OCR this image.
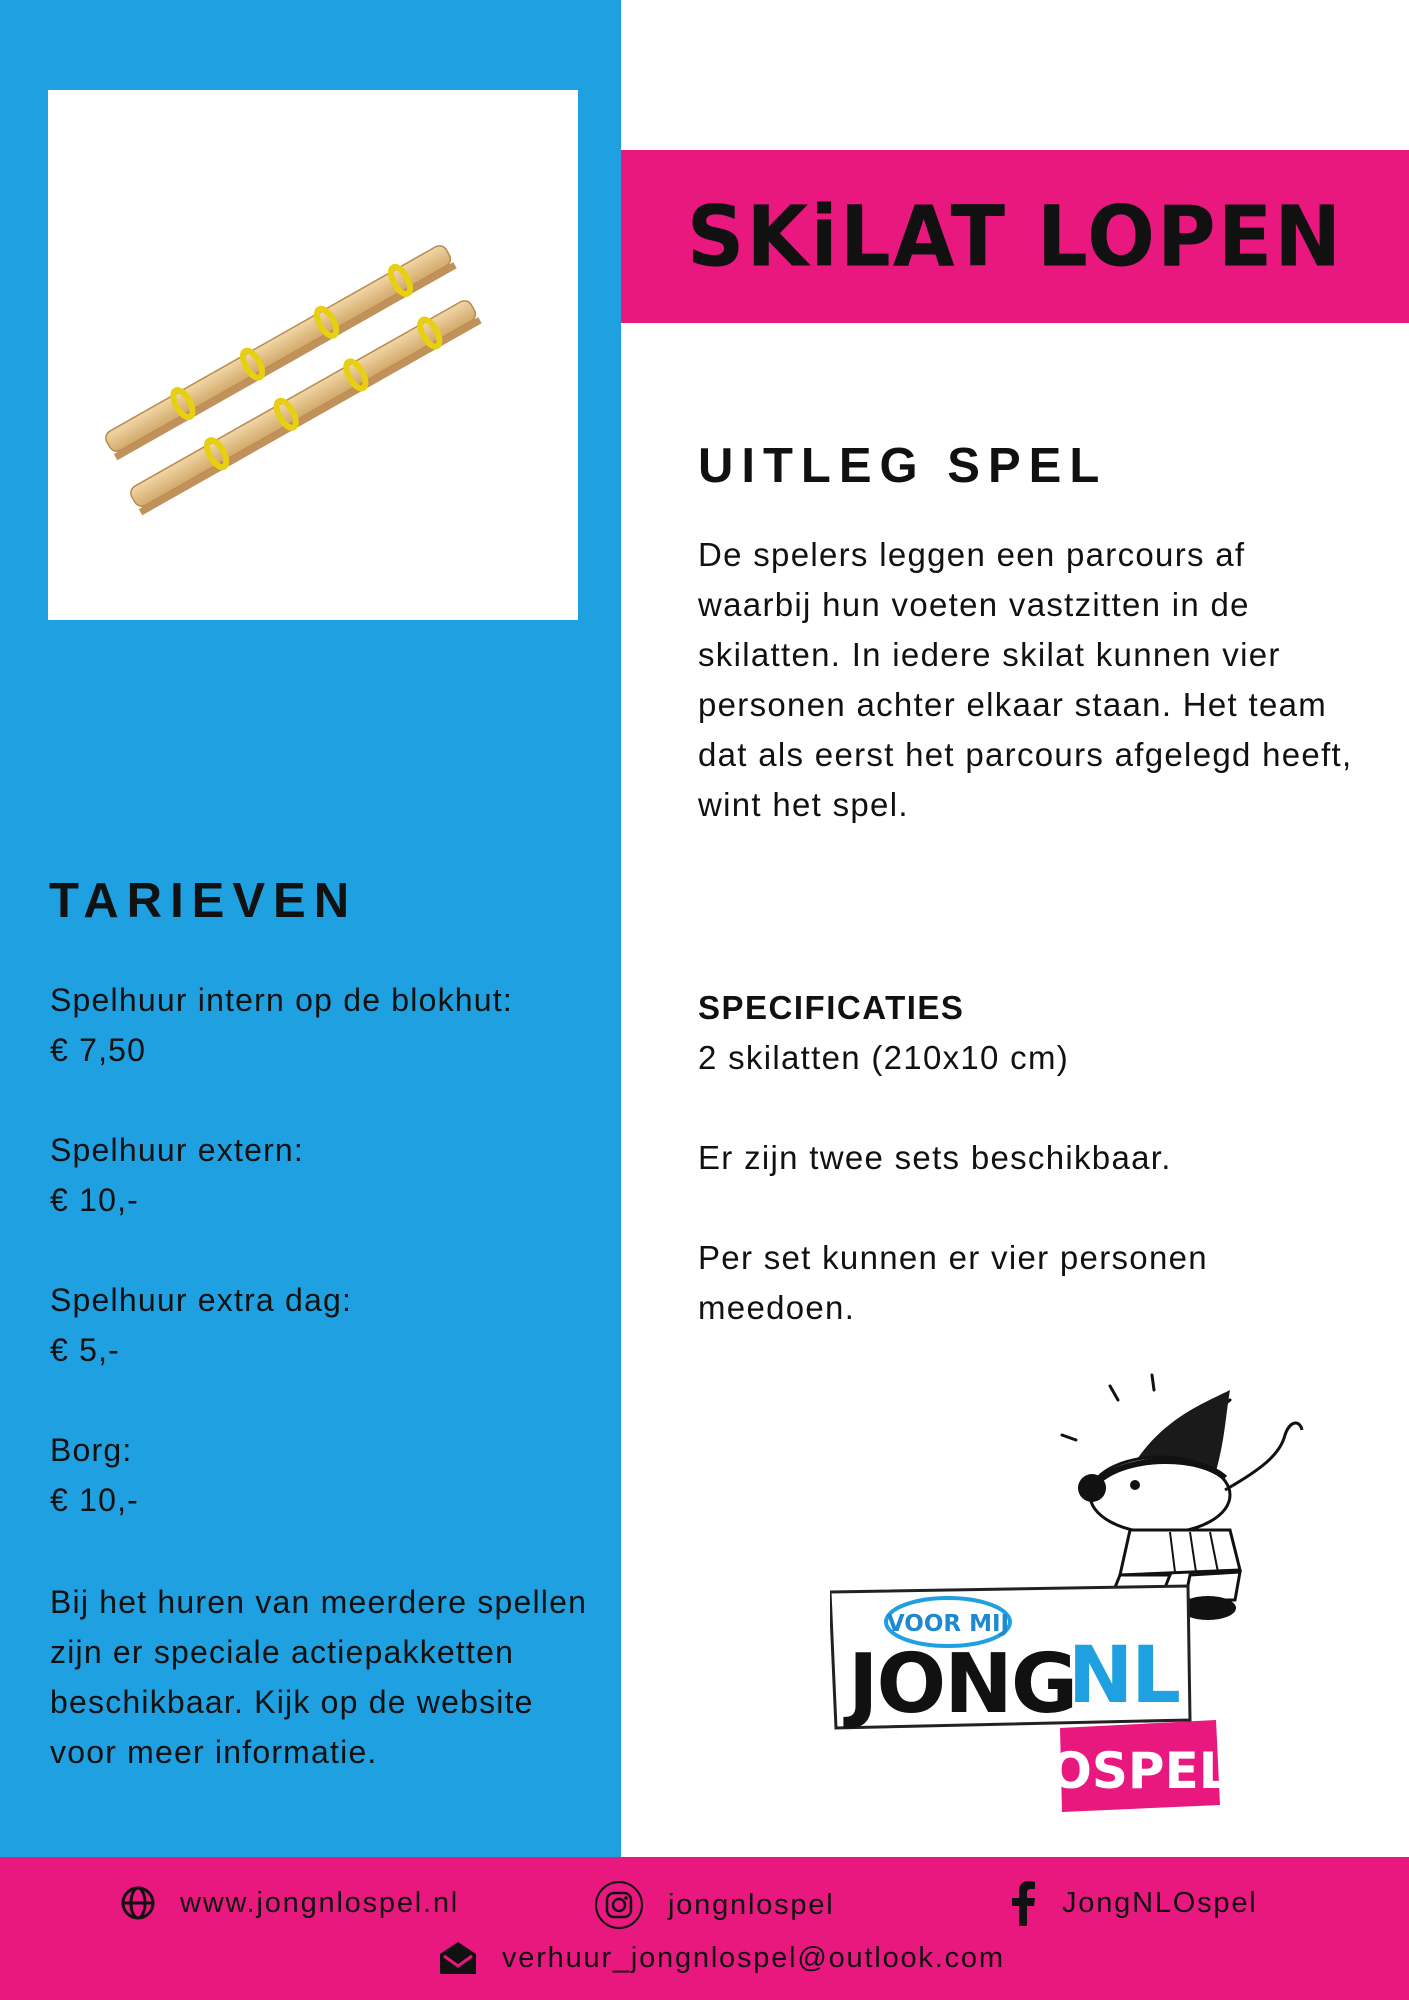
SKiLAT LOPEN
UITLEG SPEL

De spelers leggen een parcours af waarbij hun voeten vastzitten in de skilatten. In iedere skilat kunnen vier personen achter elkaar staan. Het team dat als eerst het parcours afgelegd heeft, wint het spel.

TARIEVEN

Spelhuur intern op de blokhut:

€ 7,50

Spelhuur extern:

€ 10,-

Spelhuur extra dag:

€ 5,-

Borg:

€ 10,-

Bij het huren van meerdere spellen zijn er speciale actiepakketten beschikbaar. Kijk op de website voor meer informatie.

SPECIFICATIES

2 skilatten (210x10 cm)

Er zijn twee sets beschikbaar.

Per set kunnen er vier personen meedoen.

VOOR MIJ
JONG
NL
OSPEL
www.jongnlospel.nl	jongnlospel	JongNLOspel
verhuur_jongnlospel@outlook.com
